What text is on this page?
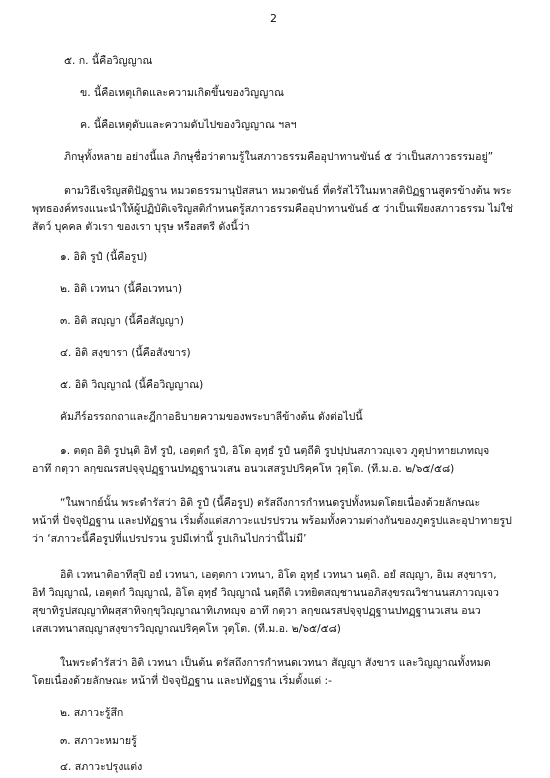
2
๕. ก. นี้คือวิญญาณ
ข. นี้คือเหตุเกิดและความเกิดขึ้นของวิญญาณ
ค. นี้คือเหตุดับและความดับไปของวิญญาณ ฯลฯ
ภิกษุทั้งหลาย อย่างนี้แล ภิกษุชื่อว่าตามรู้ในสภาวธรรมคืออุปาทานขันธ์ ๕ ว่าเป็นสภาวธรรมอยู่”
ตามวิธีเจริญสติปัฏฐาน หมวดธรรมานุปัสสนา หมวดขันธ์ ที่ตรัสไว้ในมหาสติปัฏฐานสูตรข้างต้น พระ
พุทธองค์ทรงแนะนำให้ผู้ปฏิบัติเจริญสติกำหนดรู้สภาวธรรมคืออุปาทานขันธ์ ๕ ว่าเป็นเพียงสภาวธรรม ไม่ใช่
สัตว์ บุคคล ตัวเรา ของเรา บุรุษ หรือสตรี ดังนี้ว่า
๑. อิติ รูปํ (นี้คือรูป)
๒. อิติ เวทนา (นี้คือเวทนา)
๓. อิติ สญฺญา (นี้คือสัญญา)
๔. อิติ สงฺขารา (นี้คือสังขาร)
๕. อิติ วิญฺญาณํ (นี้คือวิญญาณ)
คัมภีร์อรรถกถาและฎีกาอธิบายความของพระบาลีข้างต้น ดังต่อไปนี้
๑. ตตฺถ อิติ รูปนฺติ อิทํ รูปํ, เอตฺตกํ รูปํ, อิโต อุทฺธํ รูปํ นตฺถีติ รูปปฺปนสภาวญฺเจว ภูตุปาทายเภทญฺจ
อาทึ กตฺวา ลกฺขณรสปจฺจุปฏฺฐานปทฏฺฐานวเสน อนวเสสรูปปริคฺคโห วุตฺโต. (ที.ม.อ. ๒/๖๕/๕๘)
“ในพากย์นั้น พระดำรัสว่า อิติ รูปํ (นี้คือรูป) ตรัสถึงการกำหนดรูปทั้งหมดโดยเนื่องด้วยลักษณะ
หน้าที่ ปัจจุปัฏฐาน และปทัฏฐาน เริ่มตั้งแต่สภาวะแปรปรวน พร้อมทั้งความต่างกันของภูตรูปและอุปาทายรูป
ว่า ‘สภาวะนี้คือรูปที่แปรปรวน รูปมีเท่านี้ รูปเกินไปกว่านี้ไม่มี’
อิติ เวทนาติอาทีสุปิ อยํ เวทนา, เอตฺตกา เวทนา, อิโต อุทฺธํ เวทนา นตฺถิ. อยํ สญฺญา, อิเม สงฺขารา,
อิทํ วิญฺญาณํ, เอตฺตกํ วิญฺญาณํ, อิโต อุทฺธํ วิญฺญาณํ นตฺถีติ เวทยิตสญฺชานนอภิสงฺขรณวิชานนสภาวญฺเจว
สุขาทิรูปสญฺญาทิผสฺสาทิจกฺขุวิญฺญาณาทิเภทญฺจ อาทึ กตฺวา ลกฺขณรสปจฺจุปฏฺฐานปทฏฺฐานวเสน อนว
เสสเวทนาสญฺญาสงฺขารวิญฺญาณปริคฺคโห วุตฺโต. (ที.ม.อ. ๒/๖๕/๕๘)
ในพระดำรัสว่า อิติ เวทนา เป็นต้น ตรัสถึงการกำหนดเวทนา สัญญา สังขาร และวิญญาณทั้งหมด
โดยเนื่องด้วยลักษณะ หน้าที่ ปัจจุปัฏฐาน และปทัฏฐาน เริ่มตั้งแต่ :-
๒. สภาวะรู้สึก
๓. สภาวะหมายรู้
๔. สภาวะปรุงแต่ง
